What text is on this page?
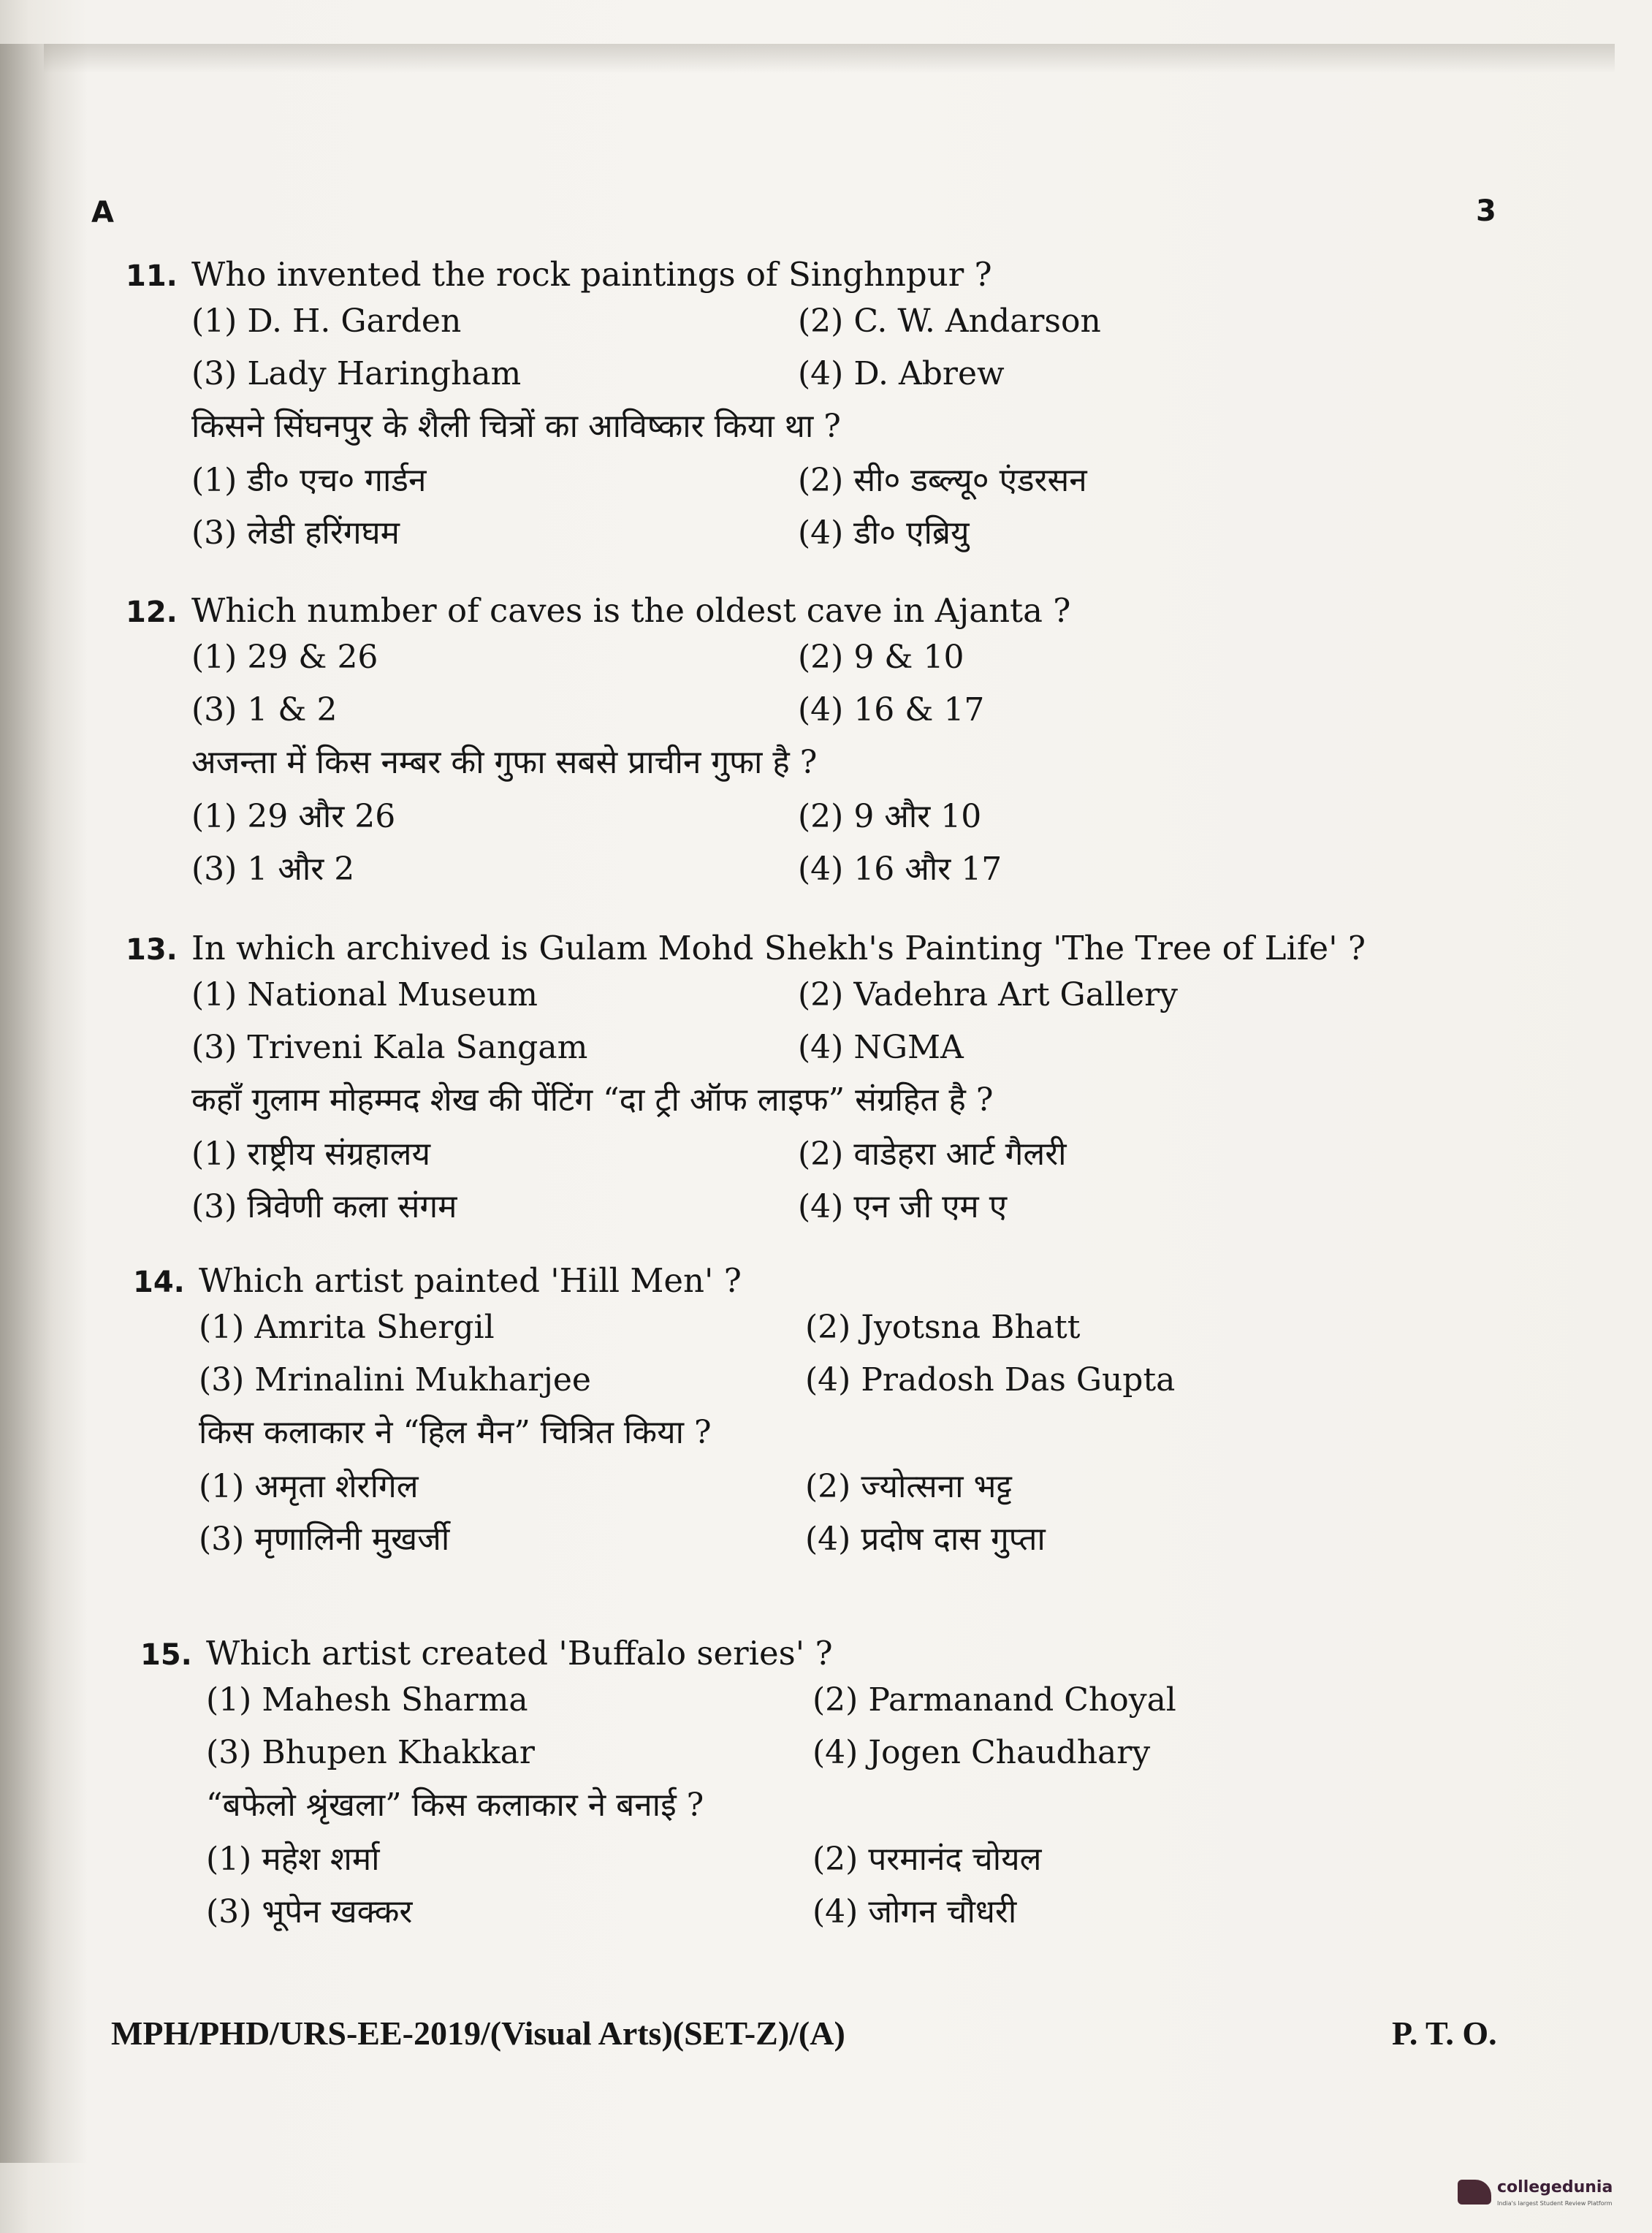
A	3
11. Who invented the rock paintings of Singhnpur ?
(1) D. H. Garden	(2) C. W. Andarson
(3) Lady Haringham	(4) D. Abrew
किसने सिंघनपुर के शैली चित्रों का आविष्कार किया था ?
(1) डी० एच० गार्डन	(2) सी० डब्ल्यू० एंडरसन
(3) लेडी हरिंगघम	(4) डी० एब्रियु
12. Which number of caves is the oldest cave in Ajanta ?
(1) 29 & 26	(2) 9 & 10
(3) 1 & 2	(4) 16 & 17
अजन्ता में किस नम्बर की गुफा सबसे प्राचीन गुफा है ?
(1) 29 और 26	(2) 9 और 10
(3) 1 और 2	(4) 16 और 17
13. In which archived is Gulam Mohd Shekh's Painting 'The Tree of Life' ?
(1) National Museum	(2) Vadehra Art Gallery
(3) Triveni Kala Sangam	(4) NGMA
कहाँ गुलाम मोहम्मद शेख की पेंटिंग “दा ट्री ऑफ लाइफ” संग्रहित है ?
(1) राष्ट्रीय संग्रहालय	(2) वाडेहरा आर्ट गैलरी
(3) त्रिवेणी कला संगम	(4) एन जी एम ए
14. Which artist painted 'Hill Men' ?
(1) Amrita Shergil	(2) Jyotsna Bhatt
(3) Mrinalini Mukharjee	(4) Pradosh Das Gupta
किस कलाकार ने “हिल मैन” चित्रित किया ?
(1) अमृता शेरगिल	(2) ज्योत्सना भट्ट
(3) मृणालिनी मुखर्जी	(4) प्रदोष दास गुप्ता
15. Which artist created 'Buffalo series' ?
(1) Mahesh Sharma	(2) Parmanand Choyal
(3) Bhupen Khakkar	(4) Jogen Chaudhary
“बफेलो श्रृंखला” किस कलाकार ने बनाई ?
(1) महेश शर्मा	(2) परमानंद चोयल
(3) भूपेन खक्कर	(4) जोगन चौधरी
MPH/PHD/URS-EE-2019/(Visual Arts)(SET-Z)/(A)	P. T. O.
collegedunia
India's largest Student Review Platform
